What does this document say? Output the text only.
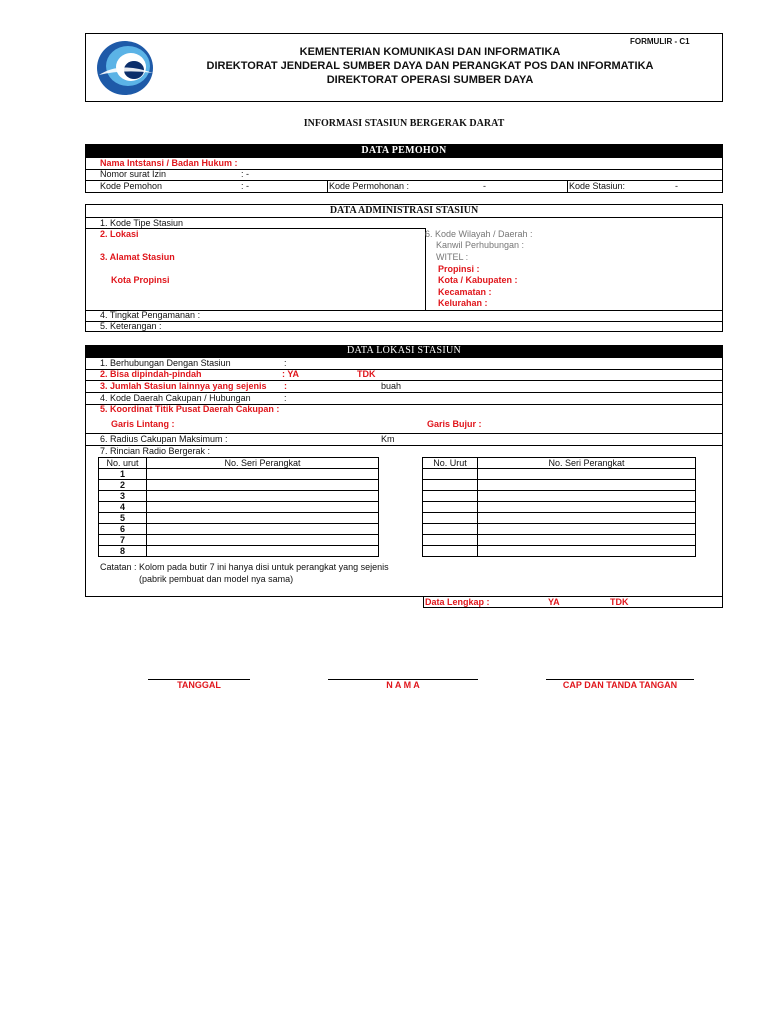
FORMULIR - C1
KEMENTERIAN KOMUNIKASI DAN INFORMATIKA
DIREKTORAT JENDERAL SUMBER DAYA DAN PERANGKAT POS DAN INFORMATIKA
DIREKTORAT OPERASI SUMBER DAYA
INFORMASI STASIUN BERGERAK DARAT
DATA PEMOHON
Nama Intstansi / Badan Hukum :
Nomor surat Izin	: -
Kode Pemohon	: -	Kode Permohonan :	-	Kode Stasiun:	-
DATA ADMINISTRASI STASIUN
1. Kode Tipe Stasiun
2. Lokasi
3. Alamat Stasiun
Kota Propinsi
6. Kode Wilayah / Daerah :
Kanwil Perhubungan :
WITEL :
Propinsi :
Kota / Kabupaten :
Kecamatan :
Kelurahan :
4. Tingkat Pengamanan :
5. Keterangan :
DATA LOKASI STASIUN
1. Berhubungan Dengan Stasiun	:
2. Bisa dipindah-pindah	: YA	TDK
3. Jumlah Stasiun lainnya yang sejenis :	buah
4. Kode Daerah Cakupan / Hubungan	:
5. Koordinat Titik Pusat Daerah Cakupan :
Garis Lintang :	Garis Bujur :
6. Radius Cakupan Maksimum :	Km
7. Rincian Radio Bergerak :
No. urut	No. Seri Perangkat
1	
2	
3	
4	
5	
6	
7	
8	
No. Urut	No. Seri Perangkat

Catatan : Kolom pada butir 7 ini hanya disi untuk perangkat yang sejenis
(pabrik pembuat dan model nya sama)
Data Lengkap :	YA	TDK
TANGGAL	N A M A	CAP DAN TANDA TANGAN
